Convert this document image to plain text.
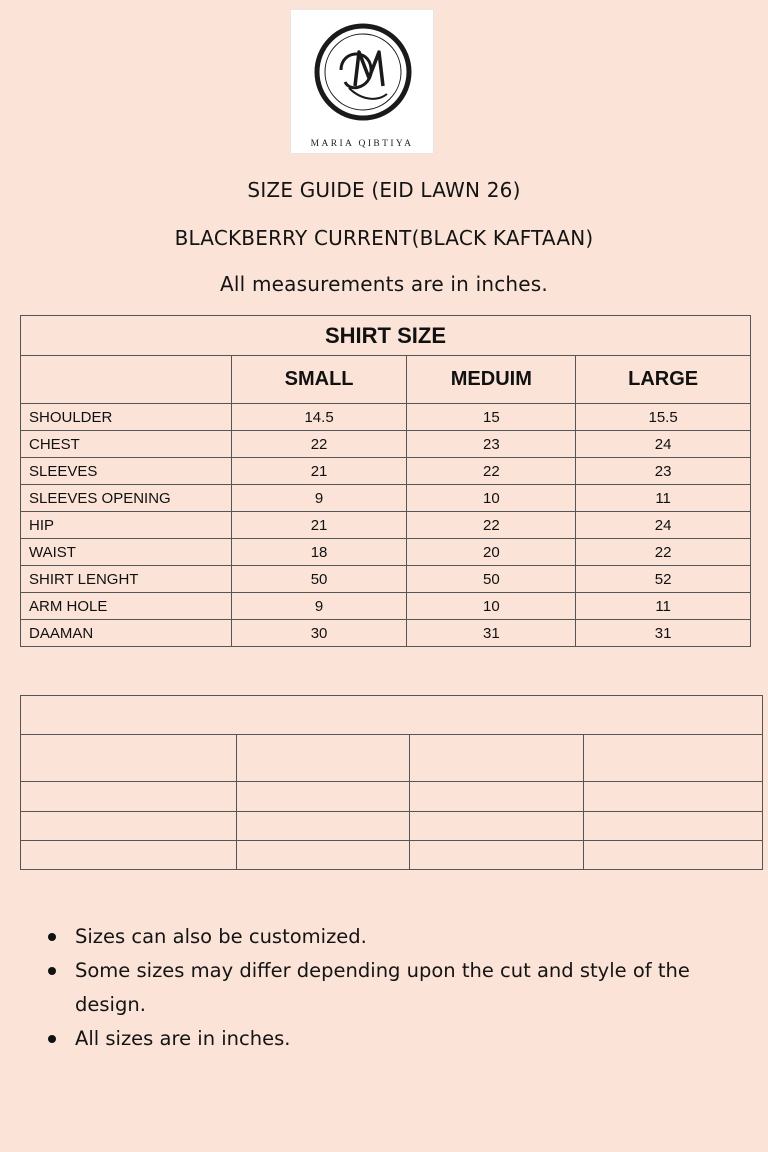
MARIA QIBTIYA
SIZE GUIDE (EID LAWN 26)
BLACKBERRY CURRENT(BLACK KAFTAAN)
All measurements are in inches.
SHIRT SIZE			
	SMALL	MEDUIM	LARGE
SHOULDER	14.5	15	15.5
CHEST	22	23	24
SLEEVES	21	22	23
SLEEVES OPENING	9	10	11
HIP	21	22	24
WAIST	18	20	22
SHIRT LENGHT	50	50	52
ARM HOLE	9	10	11
DAAMAN	30	31	31

Sizes can also be customized.
Some sizes may differ depending upon the cut and style of the design.
All sizes are in inches.
